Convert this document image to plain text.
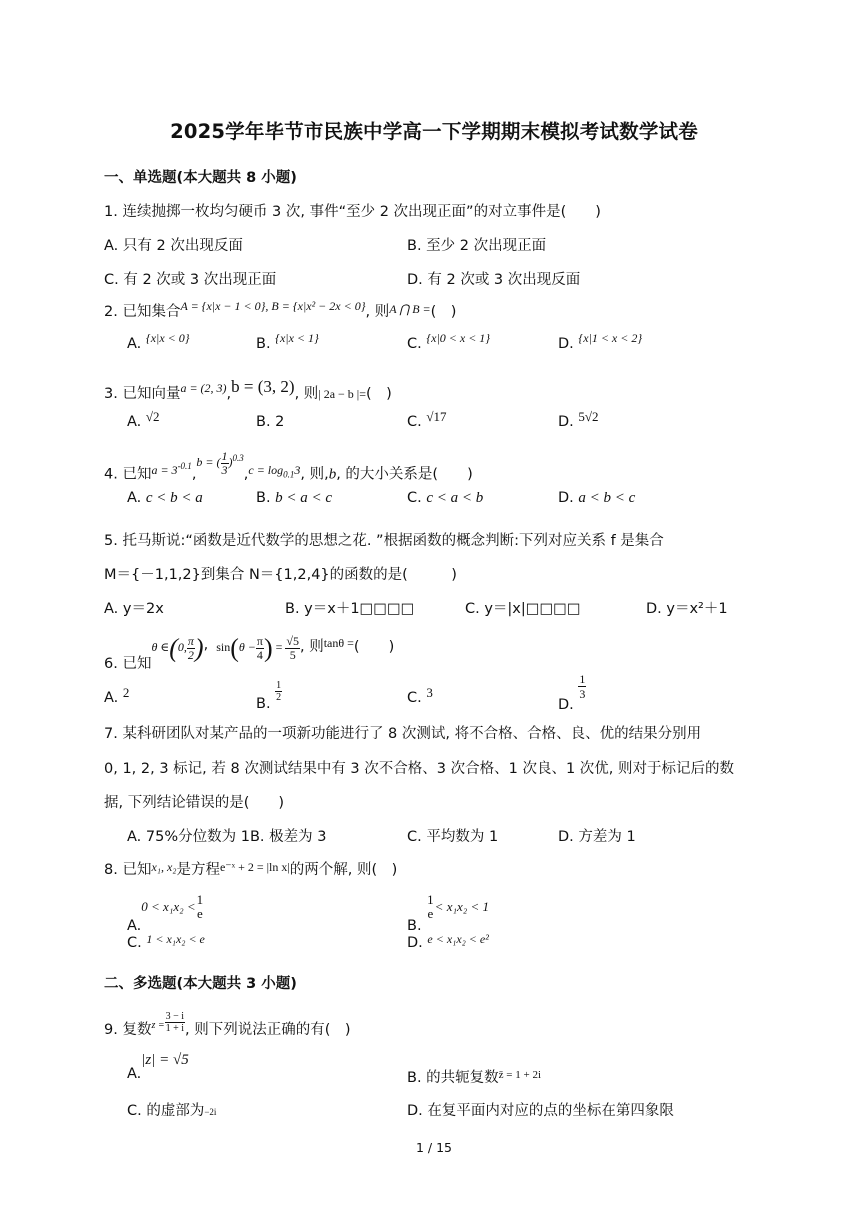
2025学年毕节市民族中学高一下学期期末模拟考试数学试卷
一、单选题(本大题共 8 小题)
1. 连续抛掷一枚均匀硬币 3 次, 事件“至少 2 次出现正面”的对立事件是(　　)
A. 只有 2 次出现反面	B. 至少 2 次出现正面
C. 有 2 次或 3 次出现正面	D. 有 2 次或 3 次出现反面
2. 已知集合$^{A = \{x|x - 1 < 0\}, B = \{x|x^2 - 2x < 0\}}$, 则$^{A ⋂ B =}$(　)
A. $^{\{x|x < 0\}}$	B. $^{\{x|x < 1\}}$	C. $^{\{x|0 < x < 1\}}$	D. $^{\{x|1 < x < 2\}}$
3. 已知向量$^{a = (2, 3)}$,b = (3, 2), 则| 2a − b |=(　)
A. √2	B. 2	C. √17	D. 5√2
4. 已知$^{a = 3^{-0.1}}$,$^{b = ( \frac{1}{3} )^{0.3}}$,$^{c = log_{0.1}3}$, 则,b, 的大小关系是(　　)
A. c < b < a	B. b < a < c	C. c < a < b	D. a < b < c
5. 托马斯说:“函数是近代数学的思想之花. ”根据函数的概念判断:下列对应关系 f 是集合
M＝{－1,1,2}到集合 N＝{1,2,4}的函数的是(　　　)
A. y＝2x	B. y＝x＋1□□□□	C. y＝|x|□□□□	D. y＝x²＋1
6. 已知θ ∈(0, $\frac{\pi}{2}$ ), $\sin(\theta - \frac{\pi}{4}$ ) = $\frac{√5}{5}$ , 则tanθ =(　　)
A. 2
B.
$\frac{1}{2}$	C. 3
D.
$\frac{1}{3}$
7. 某科研团队对某产品的一项新功能进行了 8 次测试, 将不合格、合格、良、优的结果分别用
0, 1, 2, 3 标记, 若 8 次测试结果中有 3 次不合格、3 次合格、1 次良、1 次优, 则对于标记后的数
据, 下列结论错误的是(　　)
A. 75%分位数为 1B. 极差为 3	C. 平均数为 1	D. 方差为 1
8. 已知$^{x_1, x_2}$是方程$^{e^-ˣ + 2 = |ln x|}$的两个解, 则(　)
A.0 < x₁x₂ < 1
e
B.
1
e < x₁x₂ < 1
C. $^{1 < x_1x_2 < e}$	D. $^{e < x_1x_2 < e^2}$
二、多选题(本大题共 3 小题)
9. 复数$z = \frac{3 - i}{1 + i}$ , 则下列说法正确的有(　)
A.|z| = √5
B. 的共轭复数$^{z̄ = 1 + 2i}$
C. 的虚部为−2i	D. 在复平面内对应的点的坐标在第四象限
1 / 15
